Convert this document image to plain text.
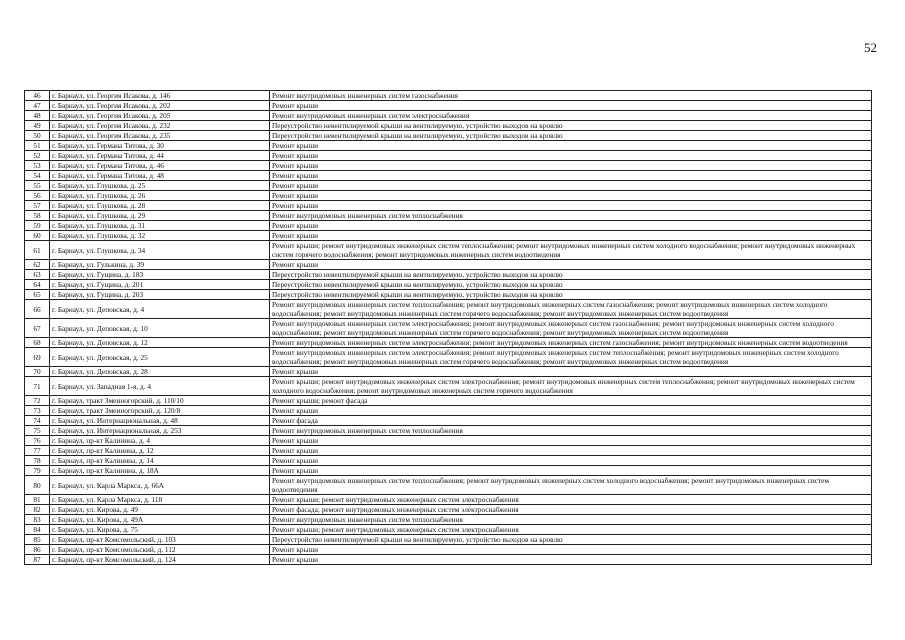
52
46	г. Барнаул, ул. Георгия Исакова, д. 146	Ремонт внутридомовых инженерных систем газоснабжения
47	г. Барнаул, ул. Георгия Исакова, д. 202	Ремонт крыши
48	г. Барнаул, ул. Георгия Исакова, д. 205	Ремонт внутридомовых инженерных систем электроснабжения
49	г. Барнаул, ул. Георгия Исакова, д. 232	Переустройство невентилируемой крыши на вентилируемую, устройство выходов на кровлю
50	г. Барнаул, ул. Георгия Исакова, д. 235	Переустройство невентилируемой крыши на вентилируемую, устройство выходов на кровлю
51	г. Барнаул, ул. Германа Титова, д. 30	Ремонт крыши
52	г. Барнаул, ул. Германа Титова, д. 44	Ремонт крыши
53	г. Барнаул, ул. Германа Титова, д. 46	Ремонт крыши
54	г. Барнаул, ул. Германа Титова, д. 48	Ремонт крыши
55	г. Барнаул, ул. Глушкова, д. 25	Ремонт крыши
56	г. Барнаул, ул. Глушкова, д. 26	Ремонт крыши
57	г. Барнаул, ул. Глушкова, д. 28	Ремонт крыши
58	г. Барнаул, ул. Глушкова, д. 29	Ремонт внутридомовых инженерных систем теплоснабжения
59	г. Барнаул, ул. Глушкова, д. 31	Ремонт крыши
60	г. Барнаул, ул. Глушкова, д. 32	Ремонт крыши
61	г. Барнаул, ул. Глушкова, д. 34	Ремонт крыши; ремонт внутридомовых инженерных систем теплоснабжения; ремонт внутридомовых инженерных систем холодного водоснабжения; ремонт внутридомовых инженерных систем горячего водоснабжения; ремонт внутридомовых инженерных систем водоотведения
62	г. Барнаул, ул. Гулькина, д. 39	Ремонт крыши
63	г. Барнаул, ул. Гущина, д. 183	Переустройство невентилируемой крыши на вентилируемую, устройство выходов на кровлю
64	г. Барнаул, ул. Гущина, д. 201	Переустройство невентилируемой крыши на вентилируемую, устройство выходов на кровлю
65	г. Барнаул, ул. Гущина, д. 203	Переустройство невентилируемой крыши на вентилируемую, устройство выходов на кровлю
66	г. Барнаул, ул. Деповская, д. 4	Ремонт внутридомовых инженерных систем теплоснабжения; ремонт внутридомовых инженерных систем газоснабжения; ремонт внутридомовых инженерных систем холодного водоснабжения; ремонт внутридомовых инженерных систем горячего водоснабжения; ремонт внутридомовых инженерных систем водоотведения
67	г. Барнаул, ул. Деповская, д. 10	Ремонт внутридомовых инженерных систем электроснабжения; ремонт внутридомовых инженерных систем газоснабжения; ремонт внутридомовых инженерных систем холодного водоснабжения; ремонт внутридомовых инженерных систем горячего водоснабжения; ремонт внутридомовых инженерных систем водоотведения
68	г. Барнаул, ул. Деповская, д. 12	Ремонт внутридомовых инженерных систем электроснабжения; ремонт внутридомовых инженерных систем газоснабжения; ремонт внутридомовых инженерных систем водоотведения
69	г. Барнаул, ул. Деповская, д. 25	Ремонт внутридомовых инженерных систем электроснабжения; ремонт внутридомовых инженерных систем теплоснабжения; ремонт внутридомовых инженерных систем холодного водоснабжения; ремонт внутридомовых инженерных систем горячего водоснабжения; ремонт внутридомовых инженерных систем водоотведения
70	г. Барнаул, ул. Деповская, д. 28	Ремонт крыши
71	г. Барнаул, ул. Западная 1-я, д. 4	Ремонт крыши; ремонт внутридомовых инженерных систем электроснабжения; ремонт внутридомовых инженерных систем теплоснабжения; ремонт внутридомовых инженерных систем холодного водоснабжения; ремонт внутридомовых инженерных систем горячего водоснабжения
72	г. Барнаул, тракт Змеиногорский, д. 110/10	Ремонт крыши; ремонт фасада
73	г. Барнаул, тракт Змеиногорский, д. 120/8	Ремонт крыши
74	г. Барнаул, ул. Интернациональная, д. 48	Ремонт фасада
75	г. Барнаул, ул. Интернациональная, д. 253	Ремонт внутридомовых инженерных систем теплоснабжения
76	г. Барнаул, пр-кт Калинина, д. 4	Ремонт крыши
77	г. Барнаул, пр-кт Калинина, д. 12	Ремонт крыши
78	г. Барнаул, пр-кт Калинина, д. 14	Ремонт крыши
79	г. Барнаул, пр-кт Калинина, д. 18А	Ремонт крыши
80	г. Барнаул, ул. Карла Маркса, д. 66А	Ремонт внутридомовых инженерных систем теплоснабжения; ремонт внутридомовых инженерных систем холодного водоснабжения; ремонт внутридомовых инженерных систем водоотведения
81	г. Барнаул, ул. Карла Маркса, д. 118	Ремонт крыши; ремонт внутридомовых инженерных систем электроснабжения
82	г. Барнаул, ул. Кирова, д. 49	Ремонт фасада; ремонт внутридомовых инженерных систем электроснабжения
83	г. Барнаул, ул. Кирова, д. 49А	Ремонт внутридомовых инженерных систем теплоснабжения
84	г. Барнаул, ул. Кирова, д. 75	Ремонт крыши; ремонт внутридомовых инженерных систем электроснабжения
85	г. Барнаул, пр-кт Комсомольский, д. 103	Переустройство невентилируемой крыши на вентилируемую, устройство выходов на кровлю
86	г. Барнаул, пр-кт Комсомольский, д. 112	Ремонт крыши
87	г. Барнаул, пр-кт Комсомольский, д. 124	Ремонт крыши
